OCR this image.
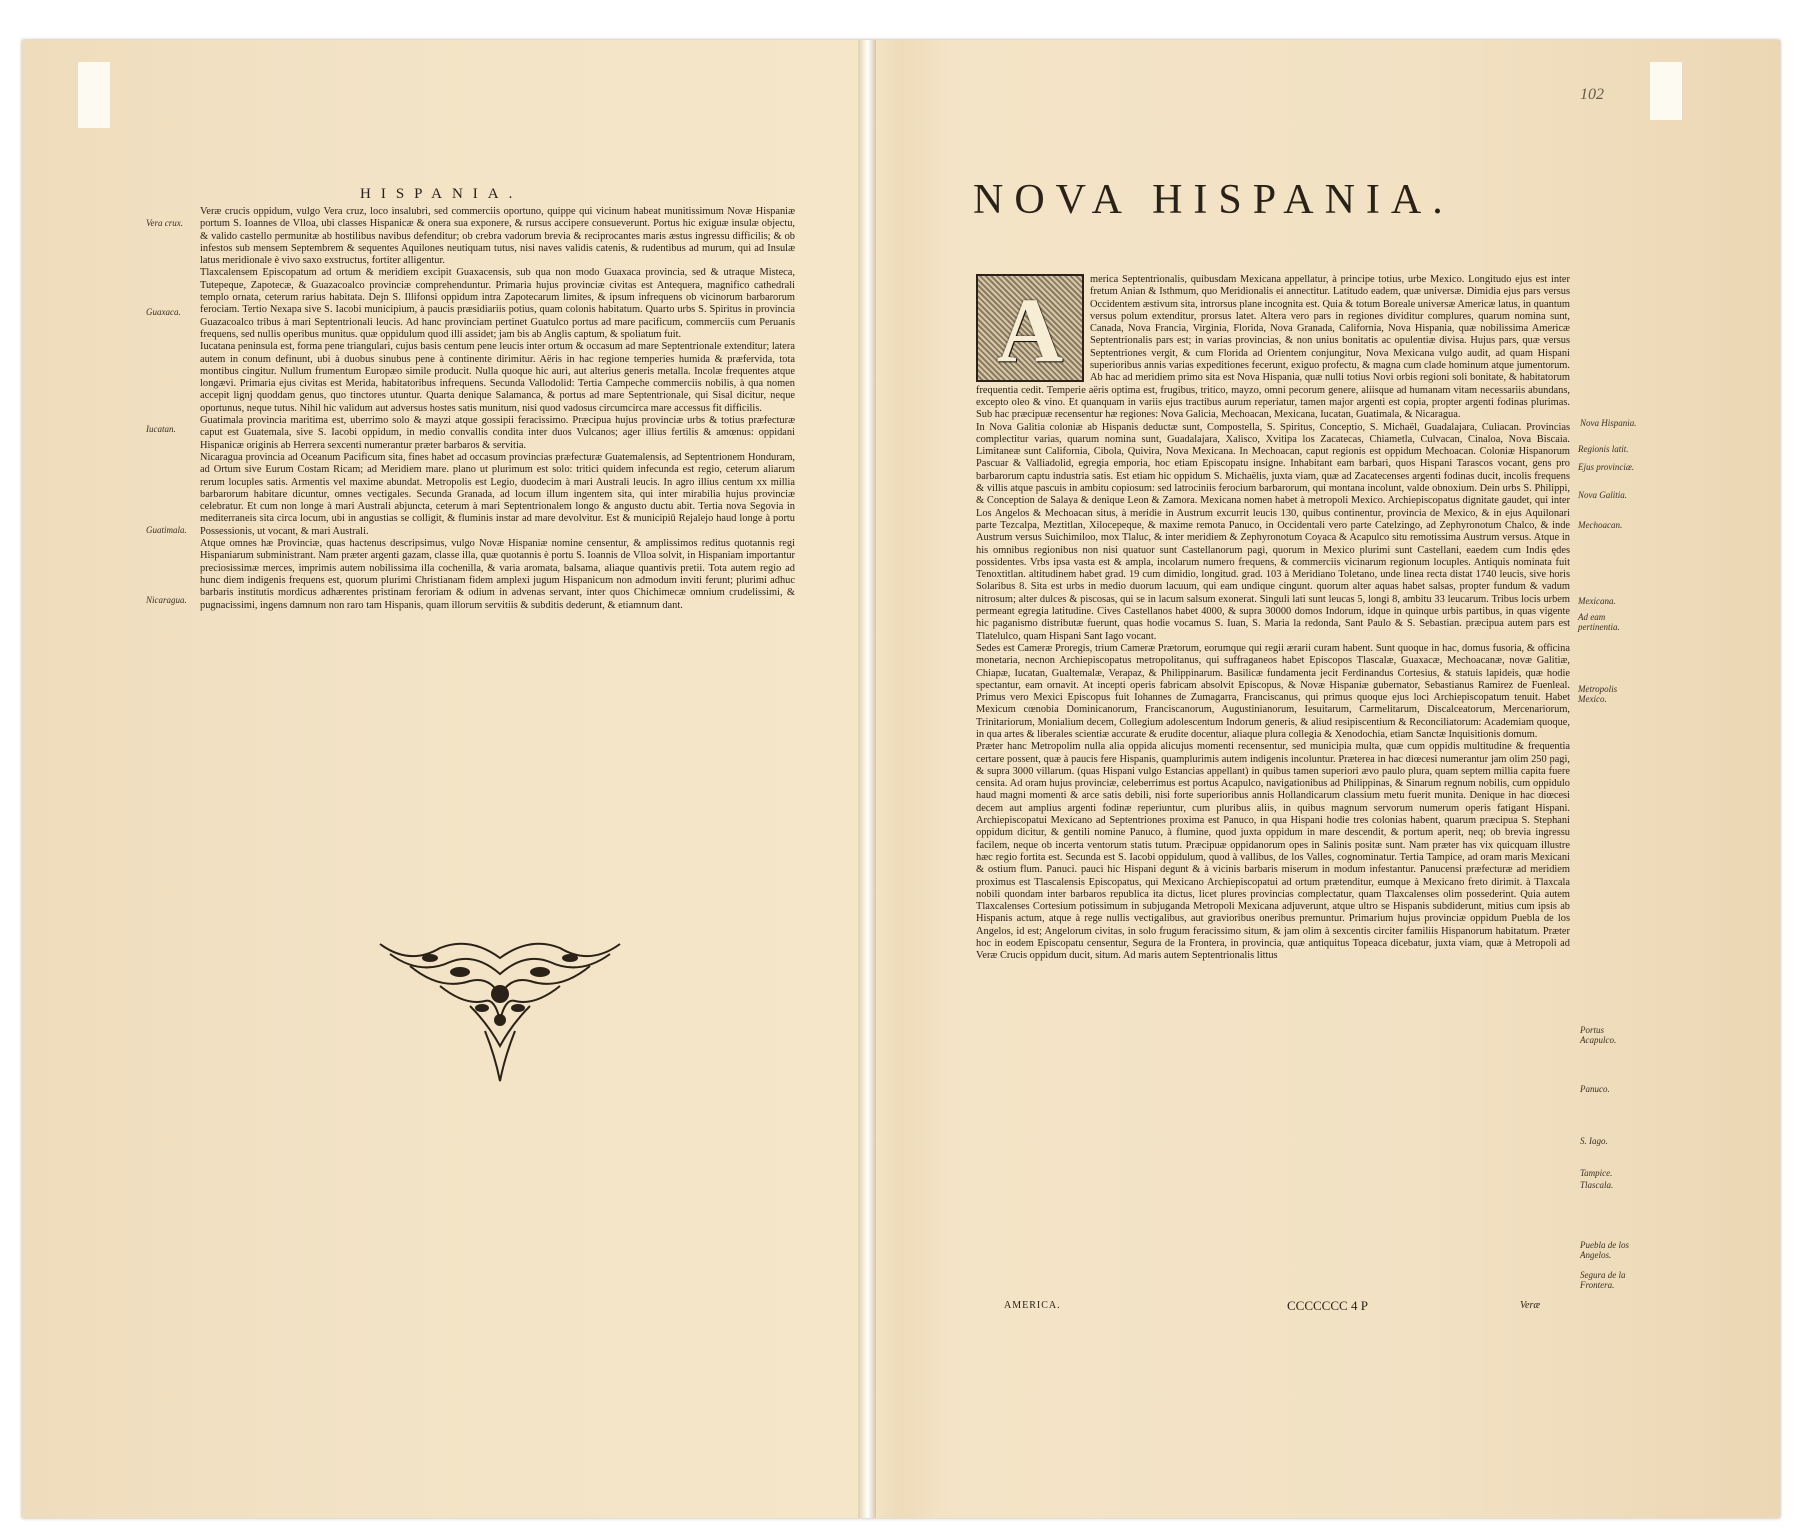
102
HISPANIA.
Vera crux.
Guaxaca.
Iucatan.
Guatimala.
Nicaragua.

Veræ crucis oppidum, vulgo Vera cruz, loco insalubri, sed commerciis oportuno, quippe qui vicinum habeat munitissimum Novæ Hispaniæ portum S. Ioannes de Vlloa, ubi classes Hispanicæ & onera sua exponere, & rursus accipere consueverunt. Portus hic exiguæ insulæ objectu, & valido castello permunitæ ab hostilibus navibus defenditur; ob crebra vadorum brevia & reciprocantes maris æstus ingressu difficilis; & ob infestos sub mensem Septembrem & sequentes Aquilones neutiquam tutus, nisi naves validis catenis, & rudentibus ad murum, qui ad Insulæ latus meridionale è vivo saxo exstructus, fortiter alligentur.

Tlaxcalensem Episcopatum ad ortum & meridiem excipit Guaxacensis, sub qua non modo Guaxaca provincia, sed & utraque Misteca, Tutepeque, Zapotecæ, & Guazacoalco provinciæ comprehenduntur. Primaria hujus provinciæ civitas est Antequera, magnifico cathedrali templo ornata, ceterum rarius habitata. Dejn S. Illifonsi oppidum intra Zapotecarum limites, & ipsum infrequens ob vicinorum barbarorum ferociam. Tertio Nexapa sive S. Iacobi municipium, à paucis præsidiariis potius, quam colonis habitatum. Quarto urbs S. Spiritus in provincia Guazacoalco tribus à mari Septentrionali leucis. Ad hanc provinciam pertinet Guatulco portus ad mare pacificum, commerciis cum Peruanis frequens, sed nullis operibus munitus. quæ oppidulum quod illi assidet; jam bis ab Anglis captum, & spoliatum fuit.

Iucatana peninsula est, forma pene triangulari, cujus basis centum pene leucis inter ortum & occasum ad mare Septentrionale extenditur; latera autem in conum definunt, ubi à duobus sinubus pene à continente dirimitur. Aëris in hac regione temperies humida & præfervida, tota montibus cingitur. Nullum frumentum Europæo simile producit. Nulla quoque hic auri, aut alterius generis metalla. Incolæ frequentes atque longævi. Primaria ejus civitas est Merida, habitatoribus infrequens. Secunda Vallodolid: Tertia Campeche commerciis nobilis, à qua nomen accepit lignj quoddam genus, quo tinctores utuntur. Quarta denique Salamanca, & portus ad mare Septentrionale, qui Sisal dicitur, neque oportunus, neque tutus. Nihil hic validum aut adversus hostes satis munitum, nisi quod vadosus circumcirca mare accessus fit difficilis.

Guatimala provincia maritima est, uberrimo solo & mayzi atque gossipii feracissimo. Præcipua hujus provinciæ urbs & totius præfecturæ caput est Guatemala, sive S. Iacobi oppidum, in medio convallis condita inter duos Vulcanos; ager illius fertilis & amœnus: oppidani Hispanicæ originis ab Herrera sexcenti numerantur præter barbaros & servitia.

Nicaragua provincia ad Oceanum Pacificum sita, fines habet ad occasum provincias præfecturæ Guatemalensis, ad Septentrionem Honduram, ad Ortum sive Eurum Costam Ricam; ad Meridiem mare. plano ut plurimum est solo: tritici quidem infecunda est regio, ceterum aliarum rerum locuples satis. Armentis vel maxime abundat. Metropolis est Legio, duodecim à mari Australi leucis. In agro illius centum xx millia barbarorum habitare dicuntur, omnes vectigales. Secunda Granada, ad locum illum ingentem sita, qui inter mirabilia hujus provinciæ celebratur. Et cum non longe à mari Australi abjuncta, ceterum à mari Septentrionalem longo & angusto ductu abit. Tertia nova Segovia in mediterraneis sita circa locum, ubi in angustias se colligit, & fluminis instar ad mare devolvitur. Est & municipiū Rejalejo haud longe à portu Possessionis, ut vocant, & mari Australi.

Atque omnes hæ Provinciæ, quas hactenus descripsimus, vulgo Novæ Hispaniæ nomine censentur, & amplissimos reditus quotannis regi Hispaniarum subministrant. Nam præter argenti gazam, classe illa, quæ quotannis è portu S. Ioannis de Vlloa solvit, in Hispaniam importantur preciosissimæ merces, imprimis autem nobilissima illa cochenilla, & varia aromata, balsama, aliaque quantivis pretii. Tota autem regio ad hunc diem indigenis frequens est, quorum plurimi Christianam fidem amplexi jugum Hispanicum non admodum inviti ferunt; plurimi adhuc barbaris institutis mordicus adhærentes pristinam feroriam & odium in advenas servant, inter quos Chichimecæ omnium crudelissimi, & pugnacissimi, ingens damnum non raro tam Hispanis, quam illorum servitiis & subditis dederunt, & etiamnum dant.

NOVA HISPANIA.
Nova Hispania.
Regionis latit.
Ejus provinciæ.
Nova Galitia.
Mechoacan.
Mexicana.
Ad eam pertinentia.
Metropolis Mexico.
Portus Acapulco.
Panuco.
S. Iago.
Tampice.
Tlascala.
Puebla de los Angelos.
Segura de la Frontera.
A	merica Septentrionalis, quibusdam Mexicana appellatur, à principe totius, urbe Mexico. Longitudo ejus est inter fretum Anian & Isthmum, quo Meridionalis ei annectitur. Latitudo eadem, quæ universæ. Dimidia ejus pars versus Occidentem æstivum sita, introrsus plane incognita est. Quia & totum Boreale universæ Americæ latus, in quantum versus polum extenditur, prorsus latet. Altera vero pars in regiones dividitur complures, quarum nomina sunt, Canada, Nova Francia, Virginia, Florida, Nova Granada, California, Nova Hispania, quæ nobilissima Americæ Septentrionalis pars est; in varias provincias, & non unius bonitatis ac opulentiæ divisa. Hujus pars, quæ versus Septentriones vergit, & cum Florida ad Orientem conjungitur, Nova Mexicana vulgo audit, ad quam Hispani superioribus annis varias expeditiones fecerunt, exiguo profectu, & magna cum clade hominum atque jumentorum. Ab hac ad meridiem primo sita est Nova Hispania, quæ nulli totius Novi orbis regioni soli bonitate, & habitatorum frequentia cedit. Temperie aëris optima est, frugibus, tritico, mayzo, omni pecorum genere, aliisque ad humanam vitam necessariis abundans, excepto oleo & vino. Et quanquam in variis ejus tractibus aurum reperiatur, tamen major argenti est copia, propter argenti fodinas plurimas. Sub hac præcipuæ recensentur hæ regiones: Nova Galicia, Mechoacan, Mexicana, Iucatan, Guatimala, & Nicaragua.

In Nova Galitia coloniæ ab Hispanis deductæ sunt, Compostella, S. Spiritus, Conceptio, S. Michaël, Guadalajara, Culiacan. Provincias complectitur varias, quarum nomina sunt, Guadalajara, Xalisco, Xvitipa los Zacatecas, Chiametla, Culvacan, Cinaloa, Nova Biscaia. Limitaneæ sunt California, Cibola, Quivira, Nova Mexicana. In Mechoacan, caput regionis est oppidum Mechoacan. Coloniæ Hispanorum Pascuar & Valliadolid, egregia emporia, hoc etiam Episcopatu insigne. Inhabitant eam barbari, quos Hispani Tarascos vocant, gens pro barbarorum captu industria satis. Est etiam hic oppidum S. Michaëlis, juxta viam, quæ ad Zacatecenses argenti fodinas ducit, incolis frequens & villis atque pascuis in ambitu copiosum: sed latrociniis ferocium barbarorum, qui montana incolunt, valde obnoxium. Dein urbs S. Philippi, & Conception de Salaya & denique Leon & Zamora. Mexicana nomen habet à metropoli Mexico. Archiepiscopatus dignitate gaudet, qui inter Los Angelos & Mechoacan situs, à meridie in Austrum excurrit leucis 130, quibus continentur, provincia de Mexico, & in ejus Aquilonari parte Tezcalpa, Meztitlan, Xilocepeque, & maxime remota Panuco, in Occidentali vero parte Catelzingo, ad Zephyronotum Chalco, & inde Austrum versus Suichimiloo, mox Tlaluc, & inter meridiem & Zephyronotum Coyaca & Acapulco situ remotissima Austrum versus. Atque in his omnibus regionibus non nisi quatuor sunt Castellanorum pagi, quorum in Mexico plurimi sunt Castellani, eaedem cum Indis ędes possidentes. Vrbs ipsa vasta est & ampla, incolarum numero frequens, & commerciis vicinarum regionum locuples. Antiquis nominata fuit Tenoxtitlan. altitudinem habet grad. 19 cum dimidio, longitud. grad. 103 à Meridiano Toletano, unde linea recta distat 1740 leucis, sive horis Solaribus 8. Sita est urbs in medio duorum lacuum, qui eam undique cingunt. quorum alter aquas habet salsas, propter fundum & vadum nitrosum; alter dulces & piscosas, qui se in lacum salsum exonerat. Singuli lati sunt leucas 5, longi 8, ambitu 33 leucarum. Tribus locis urbem permeant egregia latitudine. Cives Castellanos habet 4000, & supra 30000 domos Indorum, idque in quinque urbis partibus, in quas vigente hic paganismo distributæ fuerunt, quas hodie vocamus S. Iuan, S. Maria la redonda, Sant Paulo & S. Sebastian. præcipua autem pars est Tlatelulco, quam Hispani Sant Iago vocant.

Sedes est Cameræ Proregis, trium Cameræ Prætorum, eorumque qui regii ærarii curam habent. Sunt quoque in hac, domus fusoria, & officina monetaria, necnon Archiepiscopatus metropolitanus, qui suffraganeos habet Episcopos Tlascalæ, Guaxacæ, Mechoacanæ, novæ Galitiæ, Chiapæ, Iucatan, Gualtemalæ, Verapaz, & Philippinarum. Basilicæ fundamenta jecit Ferdinandus Cortesius, & statuis lapideis, quæ hodie spectantur, eam ornavit. At incepti operis fabricam absolvit Episcopus, & Novæ Hispaniæ gubernator, Sebastianus Ramirez de Fuenleal. Primus vero Mexici Episcopus fuit Iohannes de Zumagarra, Franciscanus, qui primus quoque ejus loci Archiepiscopatum tenuit. Habet Mexicum cœnobia Dominicanorum, Franciscanorum, Augustinianorum, Iesuitarum, Carmelitarum, Discalceatorum, Mercenariorum, Trinitariorum, Monialium decem, Collegium adolescentum Indorum generis, & aliud resipiscentium & Reconciliatorum: Academiam quoque, in qua artes & liberales scientiæ accurate & erudite docentur, aliaque plura collegia & Xenodochia, etiam Sanctæ Inquisitionis domum.

Præter hanc Metropolim nulla alia oppida alicujus momenti recensentur, sed municipia multa, quæ cum oppidis multitudine & frequentia certare possent, quæ à paucis fere Hispanis, quamplurimis autem indigenis incoluntur. Præterea in hac diœcesi numerantur jam olim 250 pagi, & supra 3000 villarum. (quas Hispani vulgo Estancias appellant) in quibus tamen superiori ævo paulo plura, quam septem millia capita fuere censita. Ad oram hujus provinciæ, celeberrimus est portus Acapulco, navigationibus ad Philippinas, & Sinarum regnum nobilis, cum oppidulo haud magni momenti & arce satis debili, nisi forte superioribus annis Hollandicarum classium metu fuerit munita. Denique in hac diœcesi decem aut amplius argenti fodinæ reperiuntur, cum pluribus aliis, in quibus magnum servorum numerum operis fatigant Hispani. Archiepiscopatui Mexicano ad Septentriones proxima est Panuco, in qua Hispani hodie tres colonias habent, quarum præcipua S. Stephani oppidum dicitur, & gentili nomine Panuco, à flumine, quod juxta oppidum in mare descendit, & portum aperit, neq; ob brevia ingressu facilem, neque ob incerta ventorum statis tutum. Præcipuæ oppidanorum opes in Salinis positæ sunt. Nam præter has vix quicquam illustre hæc regio fortita est. Secunda est S. Iacobi oppidulum, quod à vallibus, de los Valles, cognominatur. Tertia Tampice, ad oram maris Mexicani & ostium flum. Panuci. pauci hic Hispani degunt & à vicinis barbaris miserum in modum infestantur. Panucensi præfecturæ ad meridiem proximus est Tlascalensis Episcopatus, qui Mexicano Archiepiscopatui ad ortum prætenditur, eumque à Mexicano freto dirimit. à Tlaxcala nobili quondam inter barbaros republica ita dictus, licet plures provincias complectatur, quam Tlaxcalenses olim possederint. Quia autem Tlaxcalenses Cortesium potissimum in subjuganda Metropoli Mexicana adjuverunt, atque ultro se Hispanis subdiderunt, mitius cum ipsis ab Hispanis actum, atque à rege nullis vectigalibus, aut gravioribus oneribus premuntur. Primarium hujus provinciæ oppidum Puebla de los Angelos, id est; Angelorum civitas, in solo frugum feracissimo situm, & jam olim à sexcentis circiter familiis Hispanorum habitatum. Præter hoc in eodem Episcopatu censentur, Segura de la Frontera, in provincia, quæ antiquitus Topeaca dicebatur, juxta viam, quæ à Metropoli ad Veræ Crucis oppidum ducit, situm. Ad maris autem Septentrionalis littus

AMERICA.	CCCCCCC 4 P	Veræ
